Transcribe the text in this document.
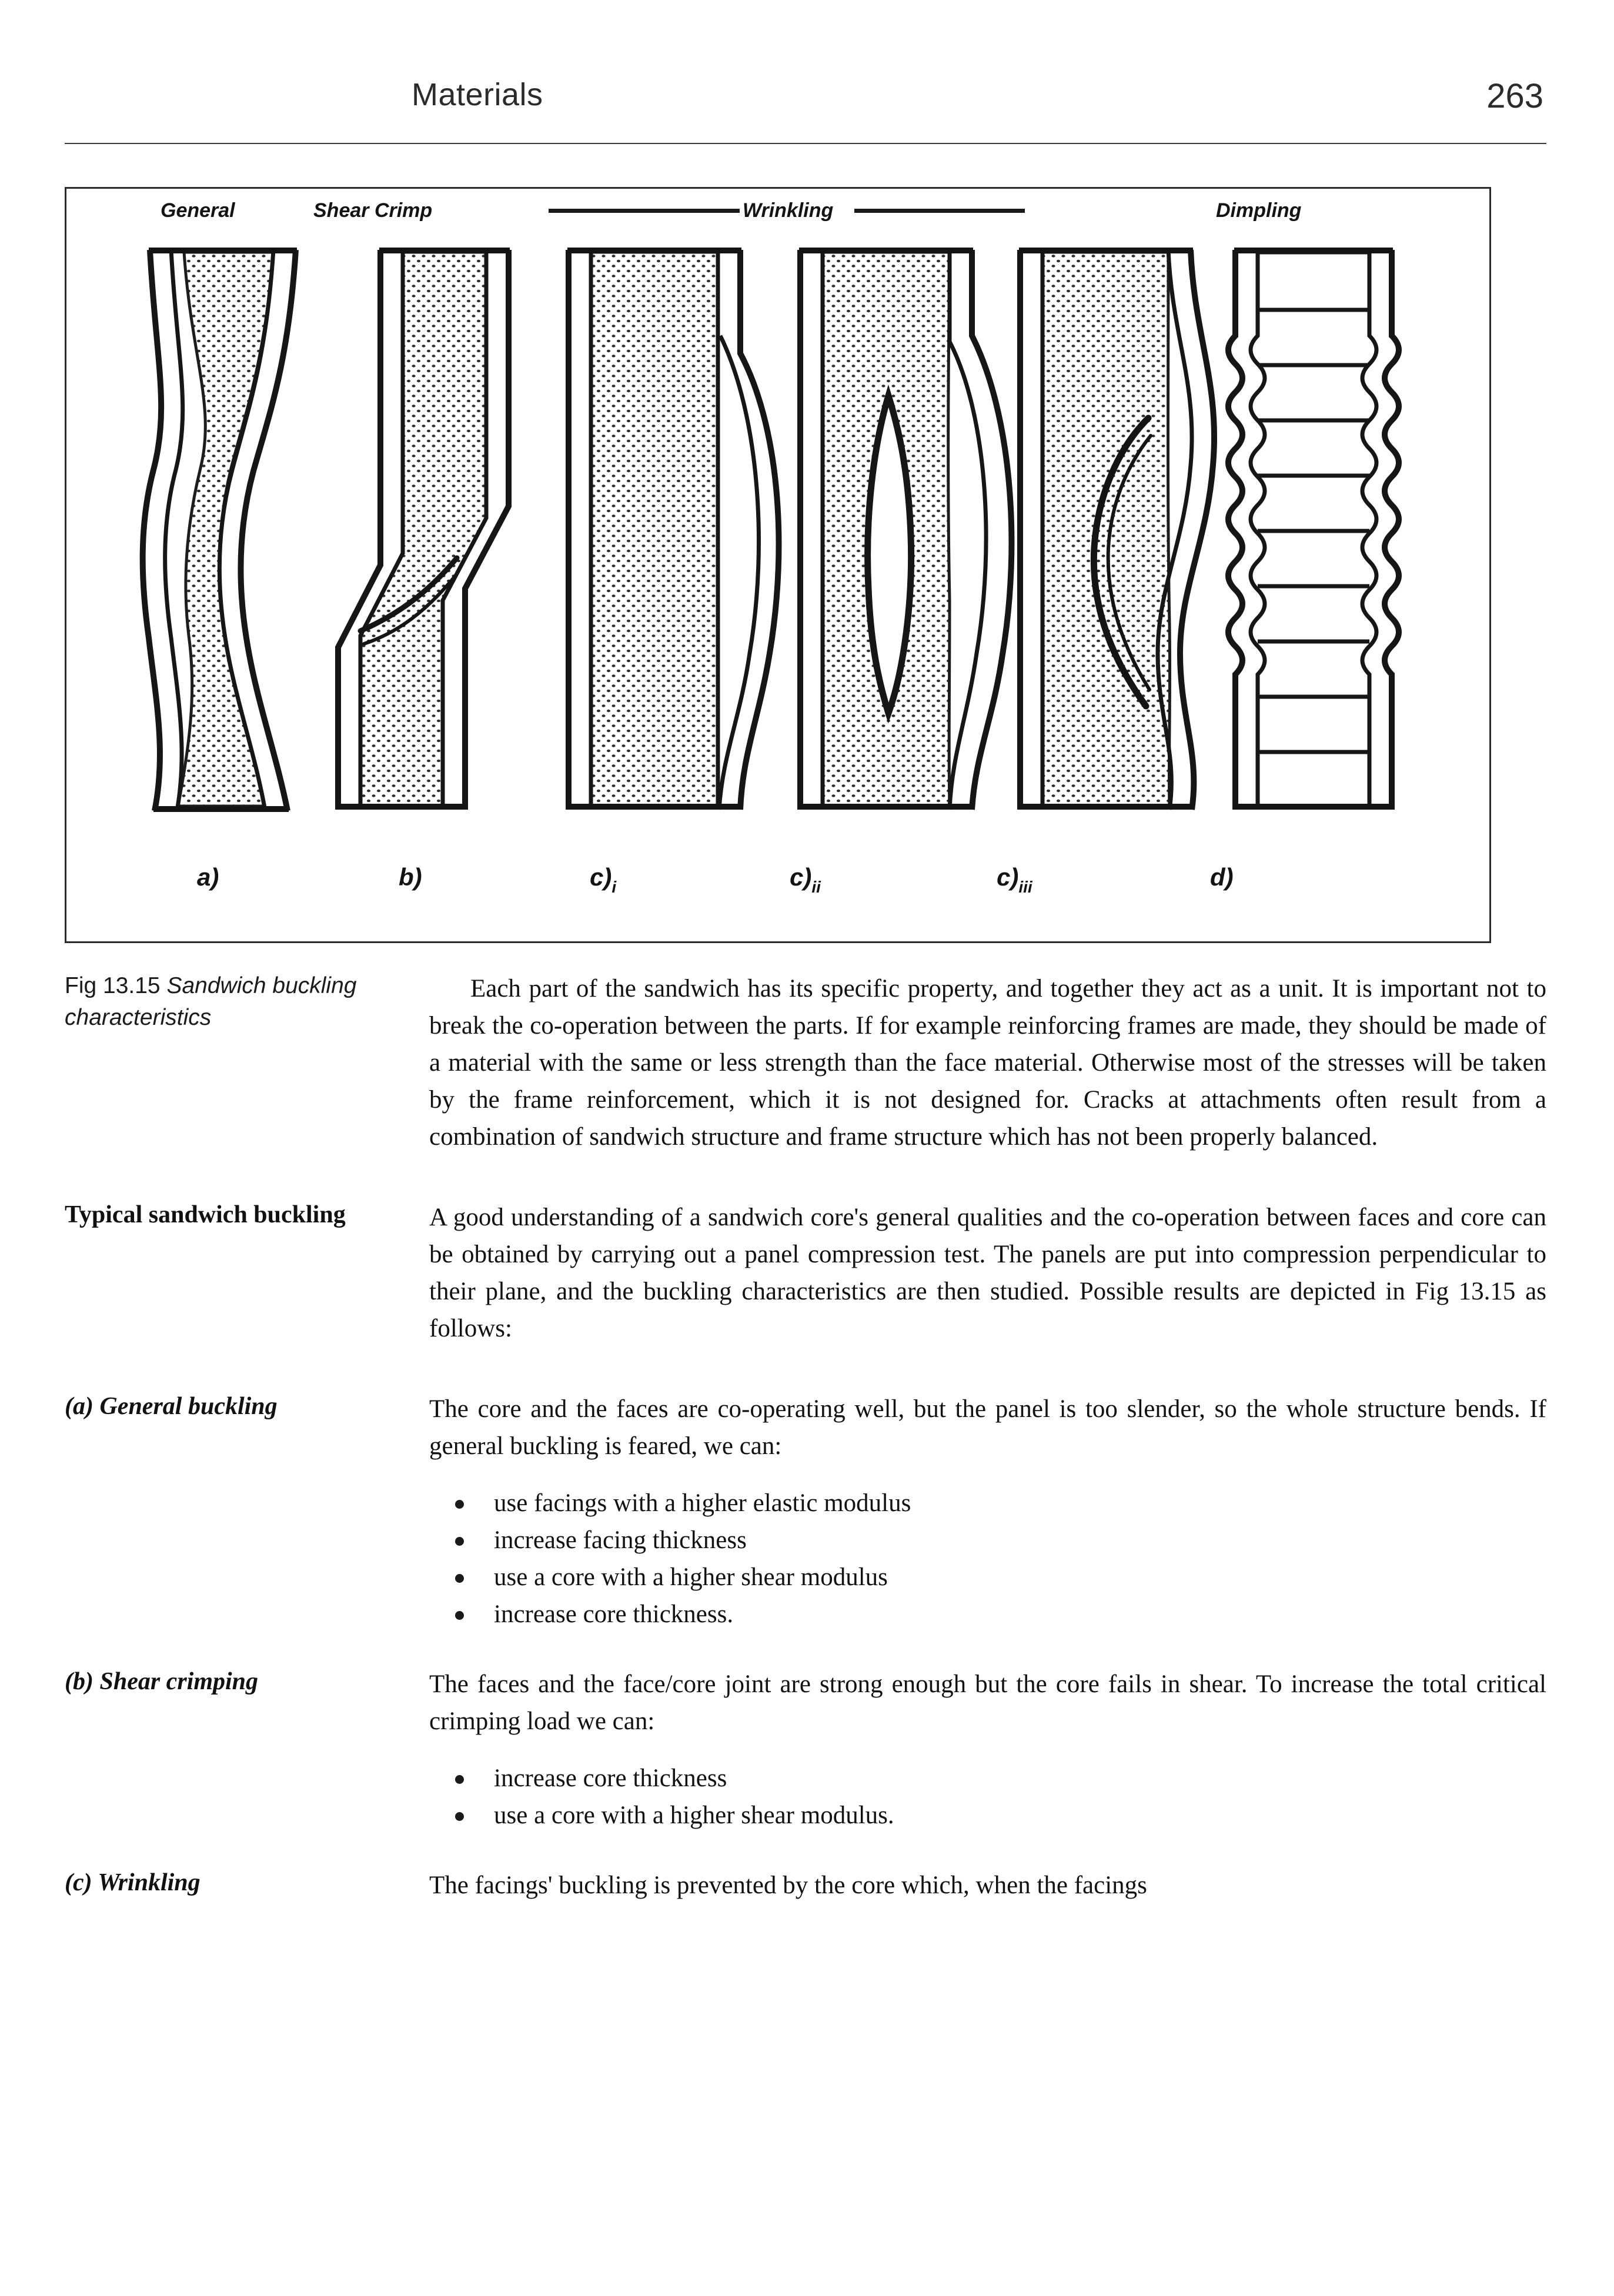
Materials	263
General	Shear Crimp	Wrinkling	Dimpling
a)	b)	$c)_i$	$c)_{ii}$	$c)_{iii}$	d)
Fig 13.15 Sandwich buckling characteristics

Each part of the sandwich has its specific property, and together they act as a unit. It is important not to break the co-operation between the parts. If for example reinforcing frames are made, they should be made of a material with the same or less strength than the face material. Otherwise most of the stresses will be taken by the frame reinforcement, which it is not designed for. Cracks at attachments often result from a combination of sandwich structure and frame structure which has not been properly balanced.

Typical sandwich buckling	A good understanding of a sandwich core's general qualities and the co-operation between faces and core can be obtained by carrying out a panel compression test. The panels are put into compression perpendicular to their plane, and the buckling characteristics are then studied. Possible results are depicted in Fig 13.15 as follows:

(a) General buckling	The core and the faces are co-operating well, but the panel is too slender, so the whole structure bends. If general buckling is feared, we can:

use facings with a higher elastic modulus
increase facing thickness
use a core with a higher shear modulus
increase core thickness.
(b) Shear crimping	The faces and the face/core joint are strong enough but the core fails in shear. To increase the total critical crimping load we can:

increase core thickness
use a core with a higher shear modulus.
(c) Wrinkling	The facings' buckling is prevented by the core which, when the facings
